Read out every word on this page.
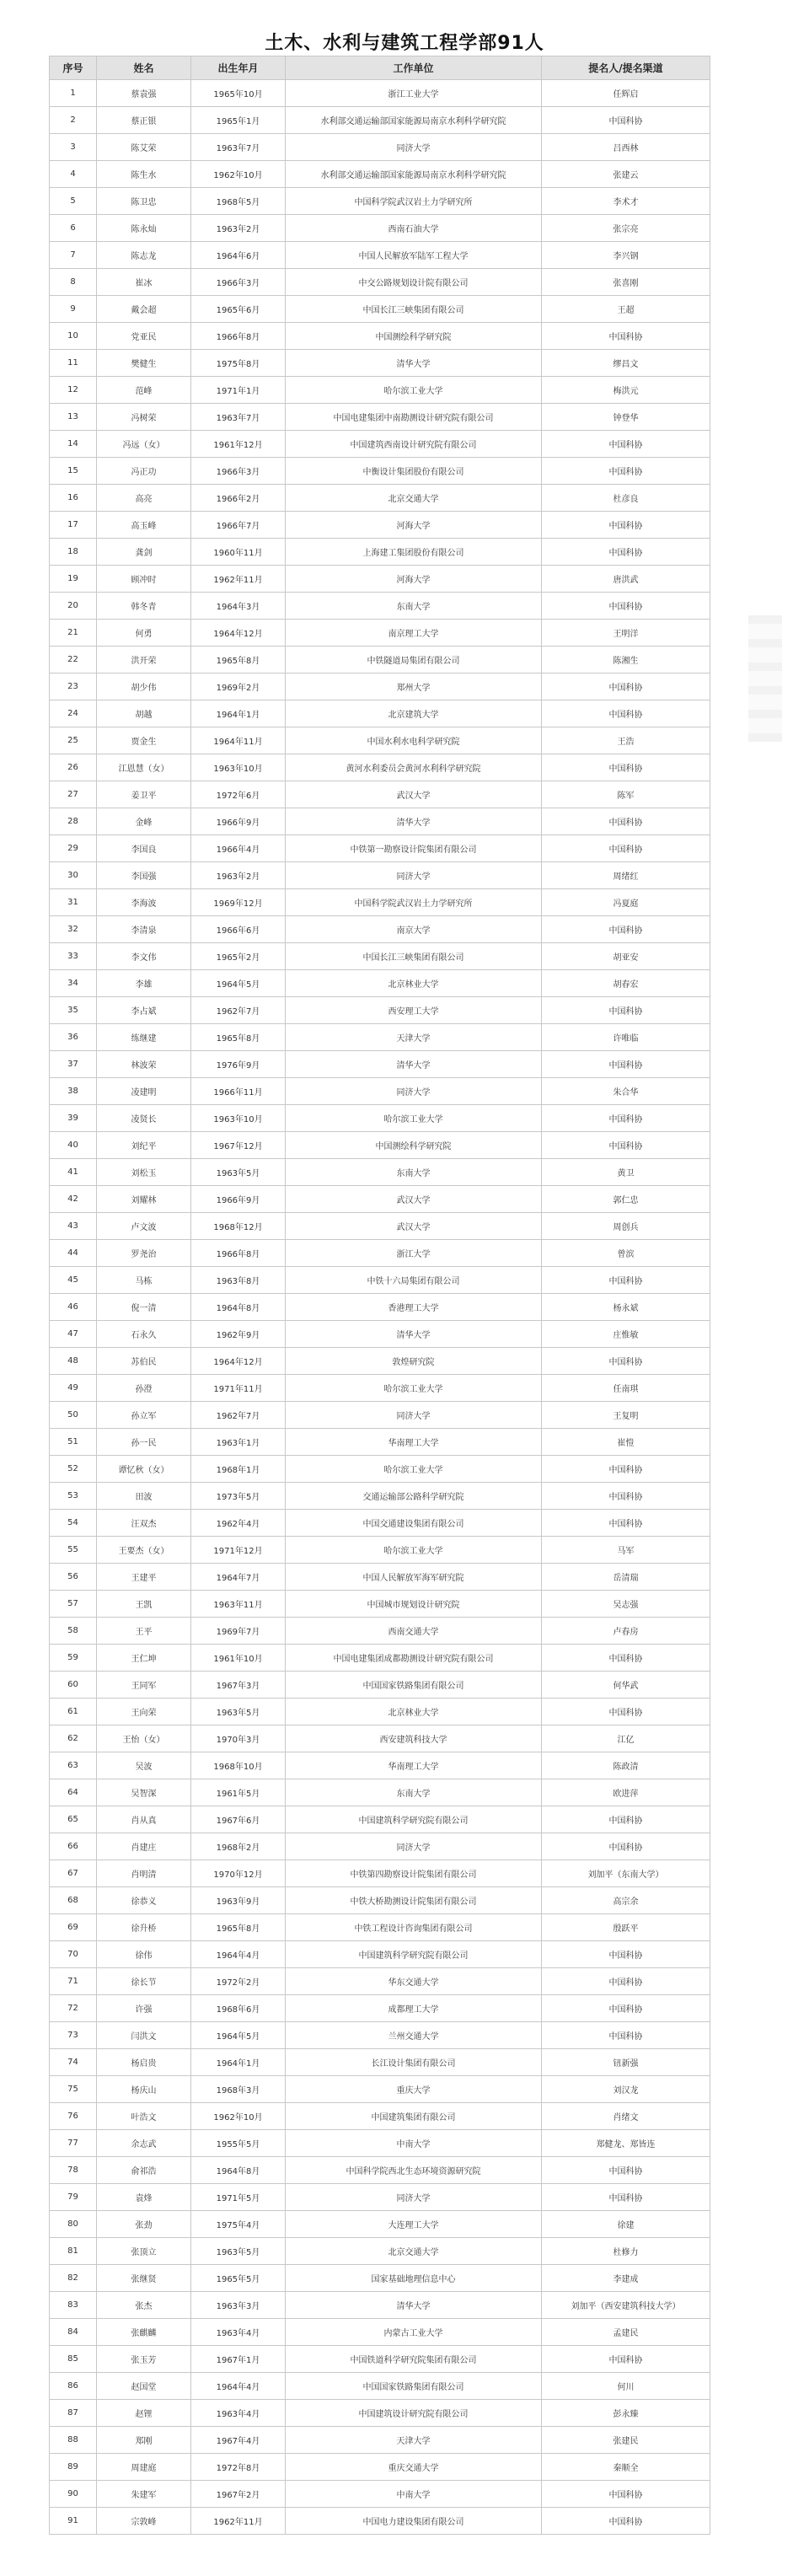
土木、水利与建筑工程学部91人
序号	姓名	出生年月	工作单位	提名人/提名渠道
1	蔡袁强	1965年10月	浙江工业大学	任辉启
2	蔡正银	1965年1月	水利部交通运输部国家能源局南京水利科学研究院	中国科协
3	陈艾荣	1963年7月	同济大学	吕西林
4	陈生水	1962年10月	水利部交通运输部国家能源局南京水利科学研究院	张建云
5	陈卫忠	1968年5月	中国科学院武汉岩土力学研究所	李术才
6	陈永灿	1963年2月	西南石油大学	张宗亮
7	陈志龙	1964年6月	中国人民解放军陆军工程大学	李兴钢
8	崔冰	1966年3月	中交公路规划设计院有限公司	张喜刚
9	戴会超	1965年6月	中国长江三峡集团有限公司	王超
10	党亚民	1966年8月	中国测绘科学研究院	中国科协
11	樊健生	1975年8月	清华大学	缪昌文
12	范峰	1971年1月	哈尔滨工业大学	梅洪元
13	冯树荣	1963年7月	中国电建集团中南勘测设计研究院有限公司	钟登华
14	冯远（女）	1961年12月	中国建筑西南设计研究院有限公司	中国科协
15	冯正功	1966年3月	中衡设计集团股份有限公司	中国科协
16	高亮	1966年2月	北京交通大学	杜彦良
17	高玉峰	1966年7月	河海大学	中国科协
18	龚剑	1960年11月	上海建工集团股份有限公司	中国科协
19	顾冲时	1962年11月	河海大学	唐洪武
20	韩冬青	1964年3月	东南大学	中国科协
21	何勇	1964年12月	南京理工大学	王明洋
22	洪开荣	1965年8月	中铁隧道局集团有限公司	陈湘生
23	胡少伟	1969年2月	郑州大学	中国科协
24	胡越	1964年1月	北京建筑大学	中国科协
25	贾金生	1964年11月	中国水利水电科学研究院	王浩
26	江恩慧（女）	1963年10月	黄河水利委员会黄河水利科学研究院	中国科协
27	姜卫平	1972年6月	武汉大学	陈军
28	金峰	1966年9月	清华大学	中国科协
29	李国良	1966年4月	中铁第一勘察设计院集团有限公司	中国科协
30	李国强	1963年2月	同济大学	周绪红
31	李海波	1969年12月	中国科学院武汉岩土力学研究所	冯夏庭
32	李清泉	1966年6月	南京大学	中国科协
33	李文伟	1965年2月	中国长江三峡集团有限公司	胡亚安
34	李雄	1964年5月	北京林业大学	胡春宏
35	李占斌	1962年7月	西安理工大学	中国科协
36	练继建	1965年8月	天津大学	许唯临
37	林波荣	1976年9月	清华大学	中国科协
38	凌建明	1966年11月	同济大学	朱合华
39	凌贤长	1963年10月	哈尔滨工业大学	中国科协
40	刘纪平	1967年12月	中国测绘科学研究院	中国科协
41	刘松玉	1963年5月	东南大学	黄卫
42	刘耀林	1966年9月	武汉大学	郭仁忠
43	卢文波	1968年12月	武汉大学	周创兵
44	罗尧治	1966年8月	浙江大学	曾滨
45	马栋	1963年8月	中铁十六局集团有限公司	中国科协
46	倪一清	1964年8月	香港理工大学	杨永斌
47	石永久	1962年9月	清华大学	庄惟敏
48	苏伯民	1964年12月	敦煌研究院	中国科协
49	孙澄	1971年11月	哈尔滨工业大学	任南琪
50	孙立军	1962年7月	同济大学	王复明
51	孙一民	1963年1月	华南理工大学	崔愷
52	谭忆秋（女）	1968年1月	哈尔滨工业大学	中国科协
53	田波	1973年5月	交通运输部公路科学研究院	中国科协
54	汪双杰	1962年4月	中国交通建设集团有限公司	中国科协
55	王要杰（女）	1971年12月	哈尔滨工业大学	马军
56	王建平	1964年7月	中国人民解放军海军研究院	岳清瑞
57	王凯	1963年11月	中国城市规划设计研究院	吴志强
58	王平	1969年7月	西南交通大学	卢春房
59	王仁坤	1961年10月	中国电建集团成都勘测设计研究院有限公司	中国科协
60	王同军	1967年3月	中国国家铁路集团有限公司	何华武
61	王向荣	1963年5月	北京林业大学	中国科协
62	王怡（女）	1970年3月	西安建筑科技大学	江亿
63	吴波	1968年10月	华南理工大学	陈政清
64	吴智深	1961年5月	东南大学	欧进萍
65	肖从真	1967年6月	中国建筑科学研究院有限公司	中国科协
66	肖建庄	1968年2月	同济大学	中国科协
67	肖明清	1970年12月	中铁第四勘察设计院集团有限公司	刘加平（东南大学）
68	徐恭义	1963年9月	中铁大桥勘测设计院集团有限公司	高宗余
69	徐升桥	1965年8月	中铁工程设计咨询集团有限公司	殷跃平
70	徐伟	1964年4月	中国建筑科学研究院有限公司	中国科协
71	徐长节	1972年2月	华东交通大学	中国科协
72	许强	1968年6月	成都理工大学	中国科协
73	闫洪文	1964年5月	兰州交通大学	中国科协
74	杨启贵	1964年1月	长江设计集团有限公司	钮新强
75	杨庆山	1968年3月	重庆大学	刘汉龙
76	叶浩文	1962年10月	中国建筑集团有限公司	肖绪文
77	余志武	1955年5月	中南大学	郑健龙、郑皆连
78	俞祁浩	1964年8月	中国科学院西北生态环境资源研究院	中国科协
79	袁烽	1971年5月	同济大学	中国科协
80	张劲	1975年4月	大连理工大学	徐建
81	张顶立	1963年5月	北京交通大学	杜修力
82	张继贤	1965年5月	国家基础地理信息中心	李建成
83	张杰	1963年3月	清华大学	刘加平（西安建筑科技大学）
84	张麒麟	1963年4月	内蒙古工业大学	孟建民
85	张玉芳	1967年1月	中国铁道科学研究院集团有限公司	中国科协
86	赵国堂	1964年4月	中国国家铁路集团有限公司	何川
87	赵锂	1963年4月	中国建筑设计研究院有限公司	彭永臻
88	郑刚	1967年4月	天津大学	张建民
89	周建庭	1972年8月	重庆交通大学	秦顺全
90	朱建军	1967年2月	中南大学	中国科协
91	宗敦峰	1962年11月	中国电力建设集团有限公司	中国科协
